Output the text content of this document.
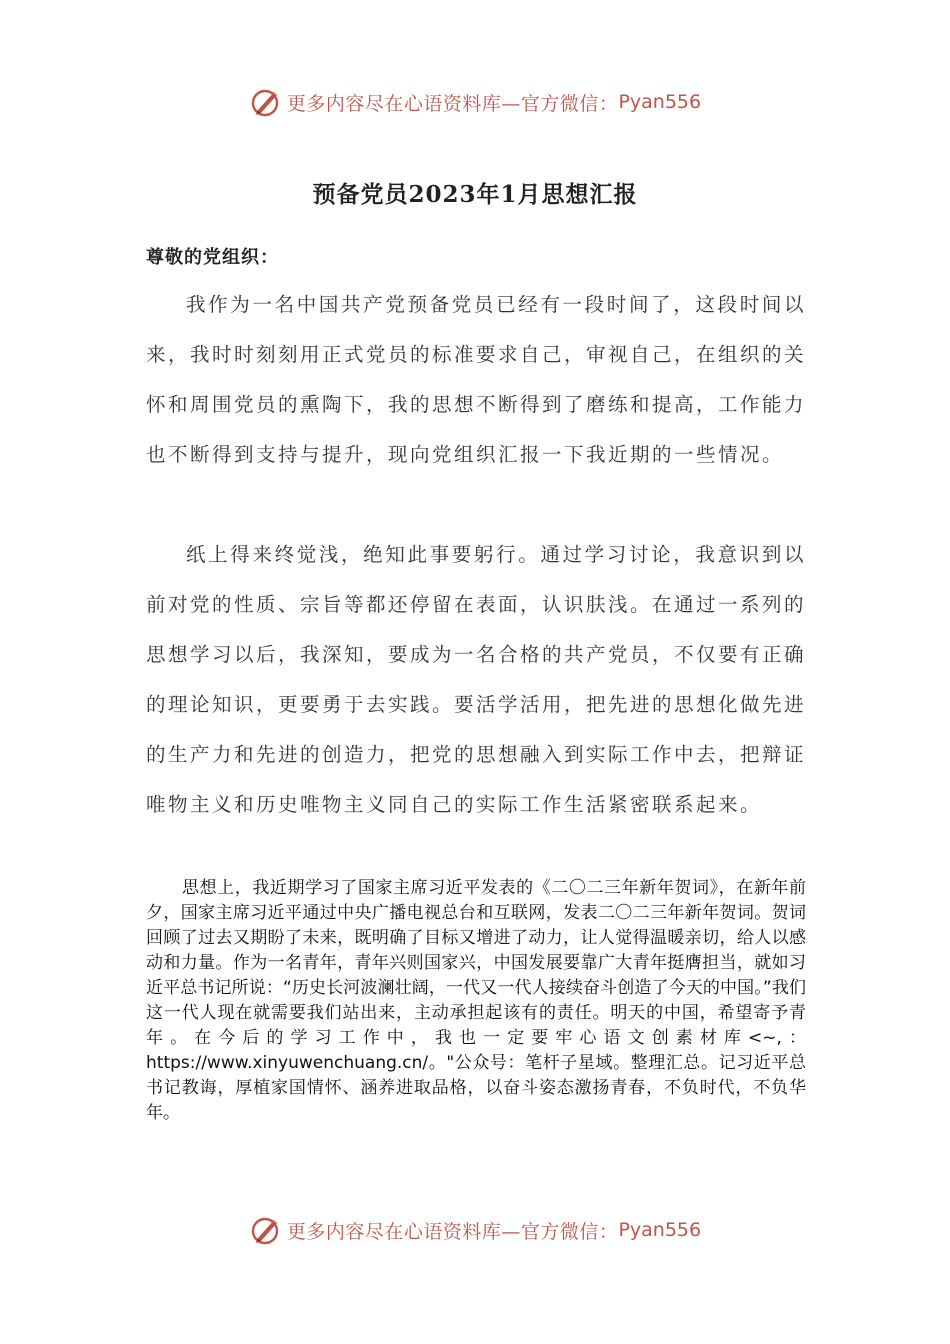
更多内容尽在心语资料库— 官方微信： Pyan556
预备党员2023年1月思想汇报
尊敬的党组织：

我作为一名中国共产党预备党员已经有一段时间了，这段时间以来，我时时刻刻用正式党员的标准要求自己，审视自己，在组织的关怀和周围党员的熏陶下，我的思想不断得到了磨练和提高，工作能力也不断得到支持与提升，现向党组织汇报一下我近期的一些情况。

纸上得来终觉浅，绝知此事要躬行。通过学习讨论，我意识到以前对党的性质、宗旨等都还停留在表面，认识肤浅。在通过一系列的思想学习以后，我深知，要成为一名合格的共产党员，不仅要有正确的理论知识，更要勇于去实践。要活学活用，把先进的思想化做先进的生产力和先进的创造力，把党的思想融入到实际工作中去，把辩证唯物主义和历史唯物主义同自己的实际工作生活紧密联系起来。

思想上，我近期学习了国家主席习近平发表的《二〇二三年新年贺词》，在新年前夕，国家主席习近平通过中央广播电视总台和互联网，发表二〇二三年新年贺词。贺词回顾了过去又期盼了未来，既明确了目标又增进了动力，让人觉得温暖亲切，给人以感动和力量。作为一名青年，青年兴则国家兴，中国发展要靠广大青年挺膺担当，就如习近平总书记所说：“历史长河波澜壮阔，一代又一代人接续奋斗创造了今天的中国。”我们这一代人现在就需要我们站出来，主动承担起该有的责任。明天的中国，希望寄予青年。在今后的学习工作中，我也一定要牢心语文创素材库<~,：https://www.xinyuwenchuang.cn/。"公众号：笔杆子星域。整理汇总。记习近平总书记教诲，厚植家国情怀、涵养进取品格，以奋斗姿态激扬青春，不负时代，不负华年。

更多内容尽在心语资料库— 官方微信： Pyan556
